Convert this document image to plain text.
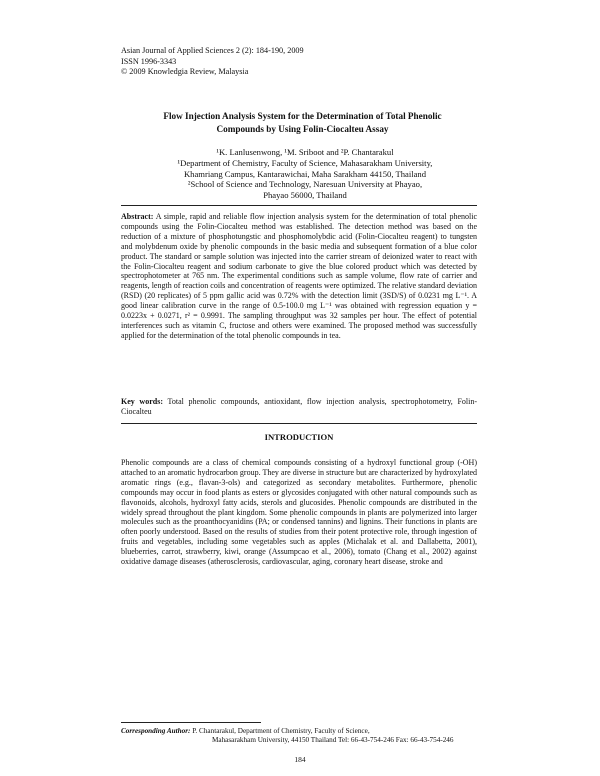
Asian Journal of Applied Sciences 2 (2): 184-190, 2009
ISSN 1996-3343
© 2009 Knowledgia Review, Malaysia
Flow Injection Analysis System for the Determination of Total Phenolic
Compounds by Using Folin-Ciocalteu Assay
¹K. Lanlusenwong, ¹M. Sriboot and ²P. Chantarakul
¹Department of Chemistry, Faculty of Science, Mahasarakham University,
Khamriang Campus, Kantarawichai, Maha Sarakham 44150, Thailand
²School of Science and Technology, Naresuan University at Phayao,
Phayao 56000, Thailand
Abstract: A simple, rapid and reliable flow injection analysis system for the determination of total phenolic compounds using the Folin-Ciocalteu method was established. The detection method was based on the reduction of a mixture of phosphotungstic and phosphomolybdic acid (Folin-Ciocalteu reagent) to tungsten and molybdenum oxide by phenolic compounds in the basic media and subsequent formation of a blue color product. The standard or sample solution was injected into the carrier stream of deionized water to react with the Folin-Ciocalteu reagent and sodium carbonate to give the blue colored product which was detected by spectrophotometer at 765 nm. The experimental conditions such as sample volume, flow rate of carrier and reagents, length of reaction coils and concentration of reagents were optimized. The relative standard deviation (RSD) (20 replicates) of 5 ppm gallic acid was 0.72% with the detection limit (3SD/S) of 0.0231 mg L⁻¹. A good linear calibration curve in the range of 0.5-100.0 mg L⁻¹ was obtained with regression equation y = 0.0223x + 0.0271, r² = 0.9991. The sampling throughput was 32 samples per hour. The effect of potential interferences such as vitamin C, fructose and others were examined. The proposed method was successfully applied for the determination of the total phenolic compounds in tea.
Key words: Total phenolic compounds, antioxidant, flow injection analysis, spectrophotometry, Folin-Ciocalteu
INTRODUCTION
Phenolic compounds are a class of chemical compounds consisting of a hydroxyl functional group (-OH) attached to an aromatic hydrocarbon group. They are diverse in structure but are characterized by hydroxylated aromatic rings (e.g., flavan-3-ols) and categorized as secondary metabolites. Furthermore, phenolic compounds may occur in food plants as esters or glycosides conjugated with other natural compounds such as flavonoids, alcohols, hydroxyl fatty acids, sterols and glucosides. Phenolic compounds are distributed in the widely spread throughout the plant kingdom. Some phenolic compounds in plants are polymerized into larger molecules such as the proanthocyanidins (PA; or condensed tannins) and lignins. Their functions in plants are often poorly understood. Based on the results of studies from their potent protective role, through ingestion of fruits and vegetables, including some vegetables such as apples (Michalak et al. and Dallabetta, 2001), blueberries, carrot, strawberry, kiwi, orange (Assumpcao et al., 2006), tomato (Chang et al., 2002) against oxidative damage diseases (atherosclerosis, cardiovascular, aging, coronary heart disease, stroke and
Corresponding Author: P. Chantarakul, Department of Chemistry, Faculty of Science,
Mahasarakham University, 44150 Thailand Tel: 66-43-754-246 Fax: 66-43-754-246
184
